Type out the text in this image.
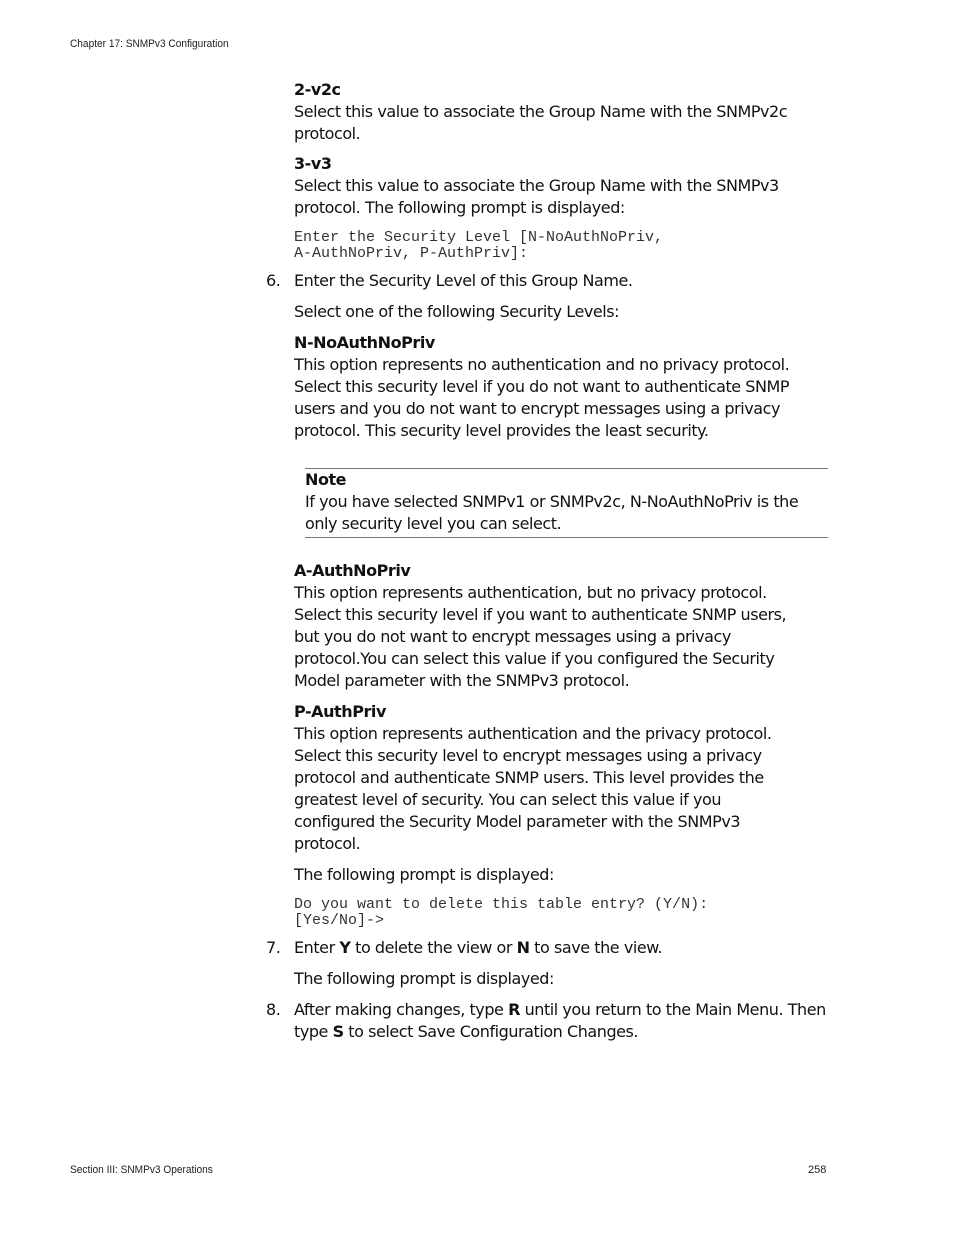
Chapter 17: SNMPv3 Configuration

2-v2c

Select this value to associate the Group Name with the SNMPv2c protocol.

3-v3

Select this value to associate the Group Name with the SNMPv3 protocol. The following prompt is displayed:

Enter the Security Level [N-NoAuthNoPriv,

A-AuthNoPriv, P-AuthPriv]:

6. Enter the Security Level of this Group Name.

Select one of the following Security Levels:

N-NoAuthNoPriv

This option represents no authentication and no privacy protocol. Select this security level if you do not want to authenticate SNMP users and you do not want to encrypt messages using a privacy protocol. This security level provides the least security.

Note

If you have selected SNMPv1 or SNMPv2c, N-NoAuthNoPriv is the only security level you can select.

A-AuthNoPriv

This option represents authentication, but no privacy protocol. Select this security level if you want to authenticate SNMP users, but you do not want to encrypt messages using a privacy protocol.You can select this value if you configured the Security Model parameter with the SNMPv3 protocol.

P-AuthPriv

This option represents authentication and the privacy protocol. Select this security level to encrypt messages using a privacy protocol and authenticate SNMP users. This level provides the greatest level of security. You can select this value if you configured the Security Model parameter with the SNMPv3 protocol.

The following prompt is displayed:

Do you want to delete this table entry? (Y/N):

[Yes/No]->

7. Enter Y to delete the view or N to save the view.

The following prompt is displayed:

8. After making changes, type R until you return to the Main Menu. Then type S to select Save Configuration Changes.
Section III: SNMPv3 Operations	258
